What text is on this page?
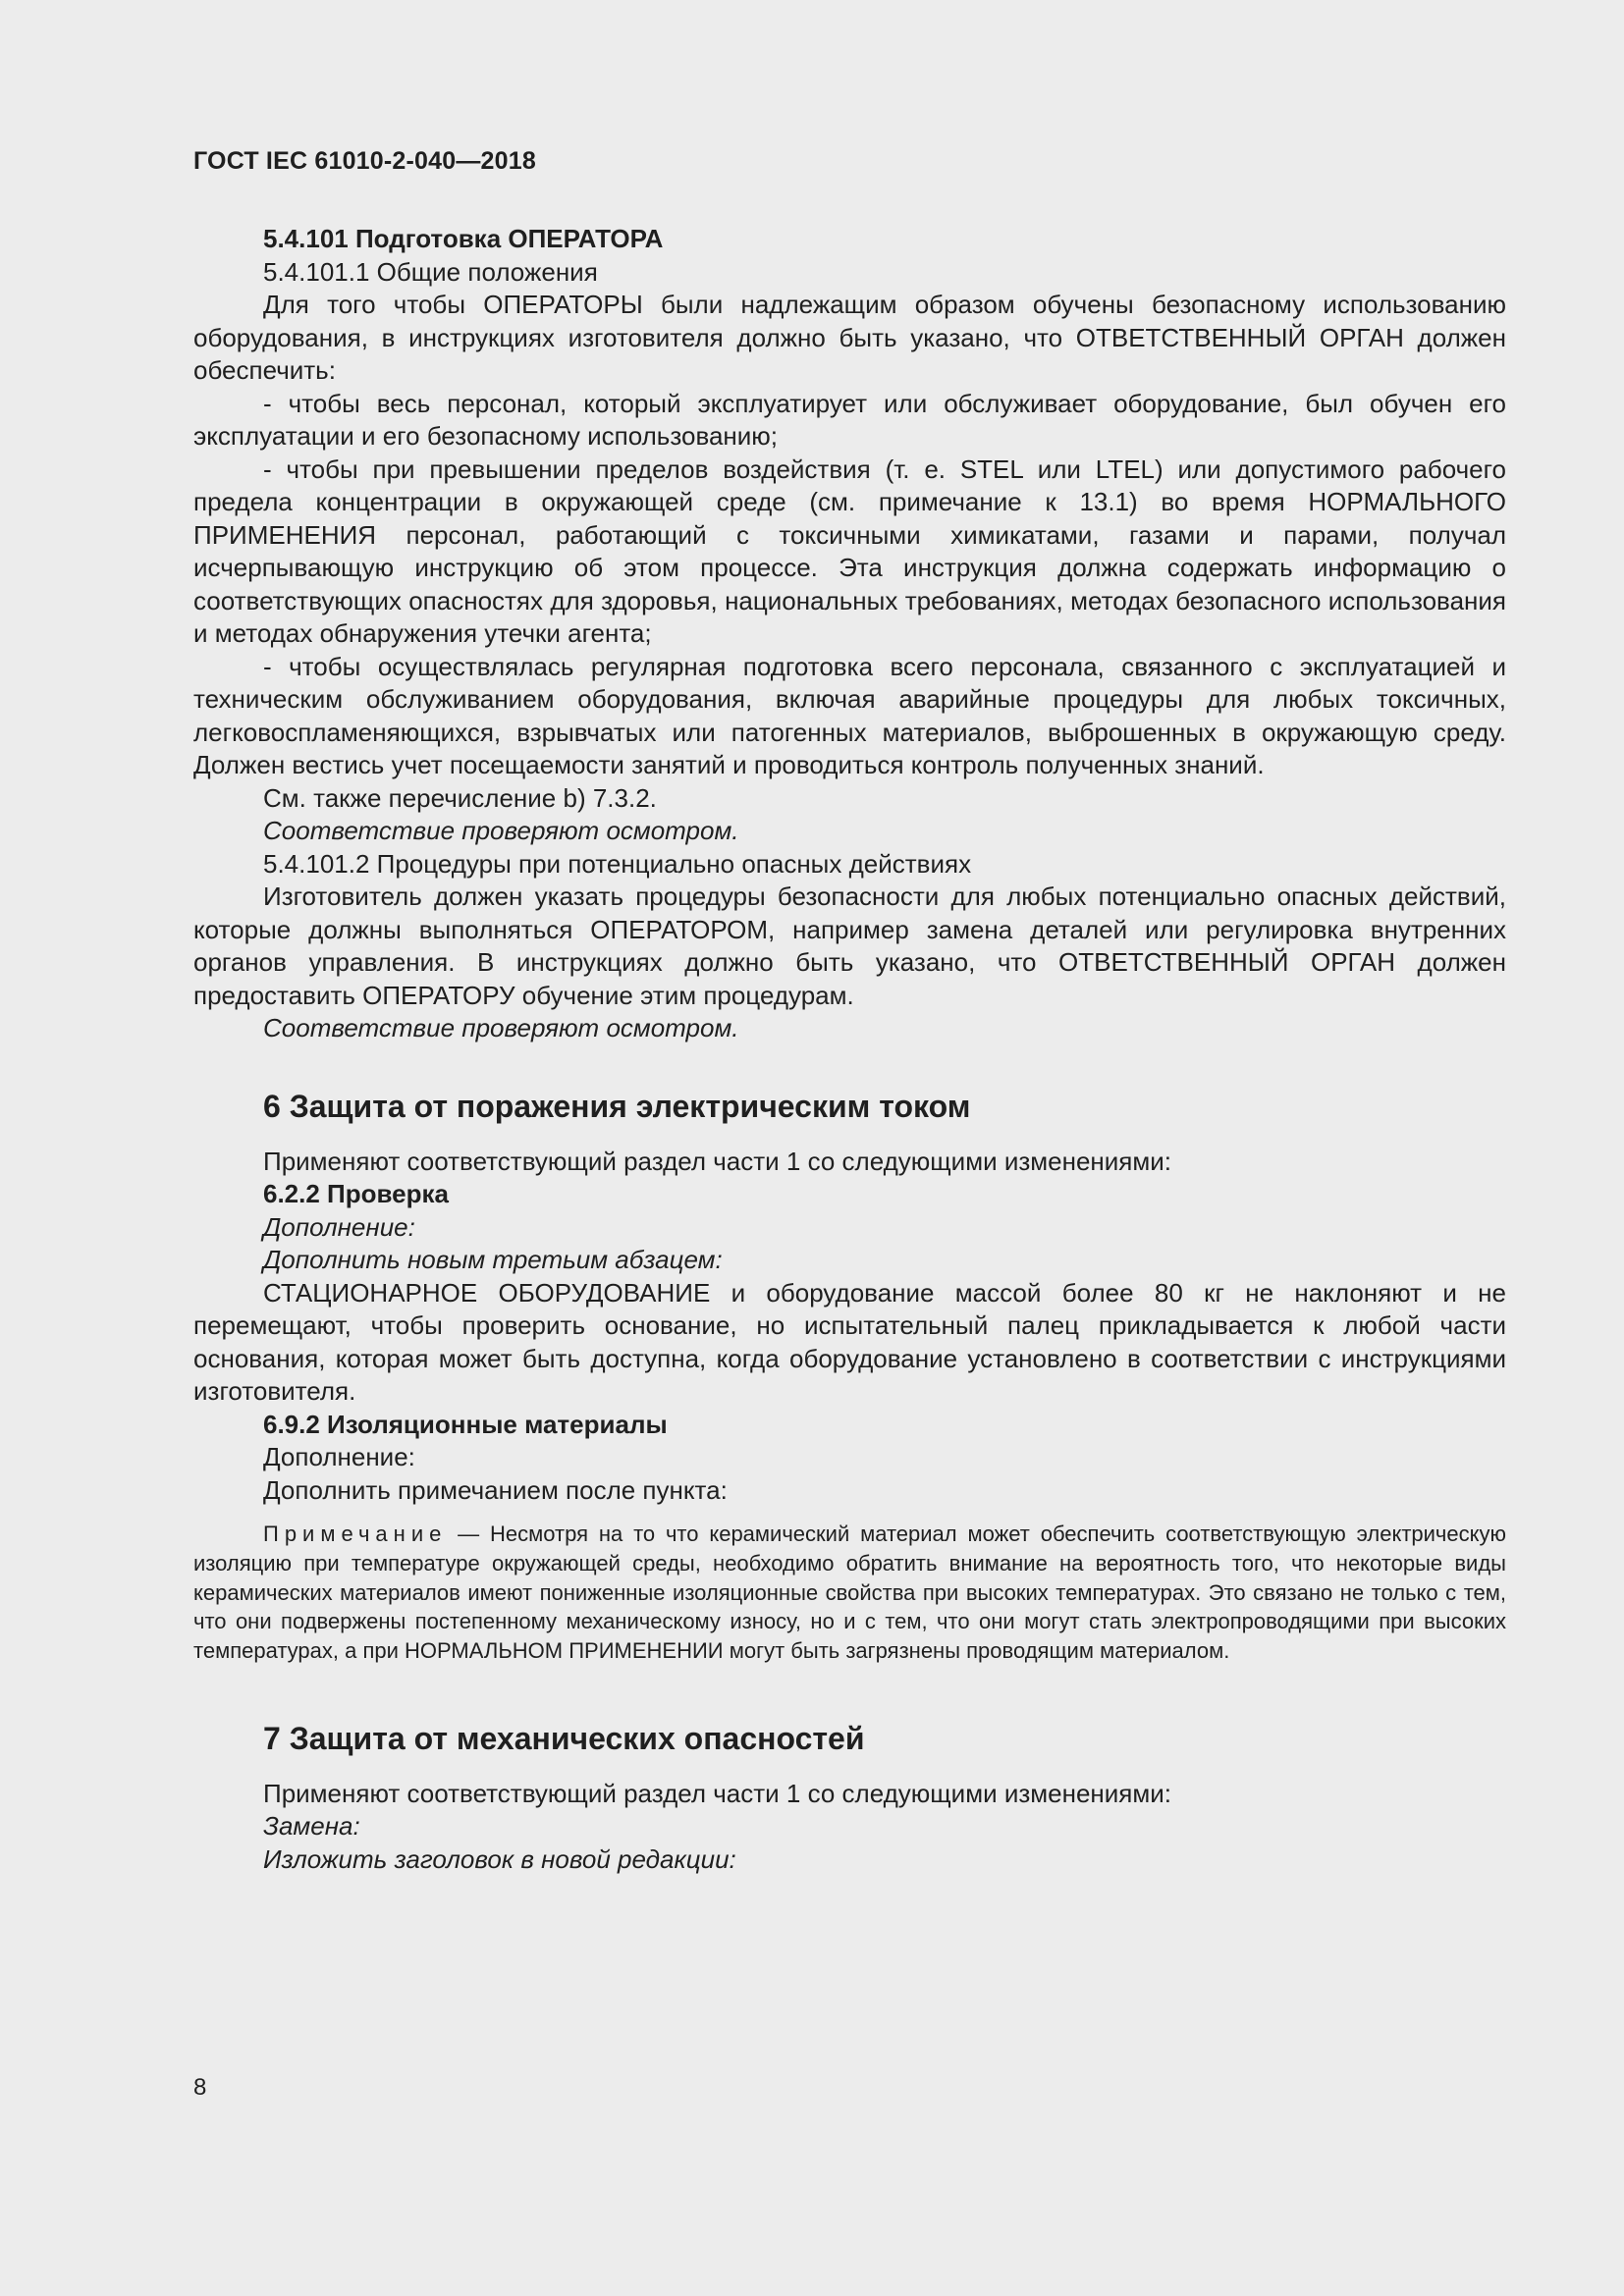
ГОСТ IEC 61010-2-040—2018

5.4.101 Подготовка ОПЕРАТОРА

5.4.101.1 Общие положения

Для того чтобы ОПЕРАТОРЫ были надлежащим образом обучены безопасному использованию оборудования, в инструкциях изготовителя должно быть указано, что ОТВЕТСТВЕННЫЙ ОРГАН должен обеспечить:

- чтобы весь персонал, который эксплуатирует или обслуживает оборудование, был обучен его эксплуатации и его безопасному использованию;

- чтобы при превышении пределов воздействия (т. е. STEL или LTEL) или допустимого рабочего предела концентрации в окружающей среде (см. примечание к 13.1) во время НОРМАЛЬНОГО ПРИМЕНЕНИЯ персонал, работающий с токсичными химикатами, газами и парами, получал исчерпывающую инструкцию об этом процессе. Эта инструкция должна содержать информацию о соответствующих опасностях для здоровья, национальных требованиях, методах безопасного использования и методах обнаружения утечки агента;

- чтобы осуществлялась регулярная подготовка всего персонала, связанного с эксплуатацией и техническим обслуживанием оборудования, включая аварийные процедуры для любых токсичных, легковоспламеняющихся, взрывчатых или патогенных материалов, выброшенных в окружающую среду. Должен вестись учет посещаемости занятий и проводиться контроль полученных знаний.

См. также перечисление b) 7.3.2.

Соответствие проверяют осмотром.

5.4.101.2 Процедуры при потенциально опасных действиях

Изготовитель должен указать процедуры безопасности для любых потенциально опасных действий, которые должны выполняться ОПЕРАТОРОМ, например замена деталей или регулировка внутренних органов управления. В инструкциях должно быть указано, что ОТВЕТСТВЕННЫЙ ОРГАН должен предоставить ОПЕРАТОРУ обучение этим процедурам.

Соответствие проверяют осмотром.

6 Защита от поражения электрическим током

Применяют соответствующий раздел части 1 со следующими изменениями:

6.2.2 Проверка

Дополнение:

Дополнить новым третьим абзацем:

СТАЦИОНАРНОЕ ОБОРУДОВАНИЕ и оборудование массой более 80 кг не наклоняют и не перемещают, чтобы проверить основание, но испытательный палец прикладывается к любой части основания, которая может быть доступна, когда оборудование установлено в соответствии с инструкциями изготовителя.

6.9.2 Изоляционные материалы

Дополнение:

Дополнить примечанием после пункта:

Примечание — Несмотря на то что керамический материал может обеспечить соответствующую электрическую изоляцию при температуре окружающей среды, необходимо обратить внимание на вероятность того, что некоторые виды керамических материалов имеют пониженные изоляционные свойства при высоких температурах. Это связано не только с тем, что они подвержены постепенному механическому износу, но и с тем, что они могут стать электропроводящими при высоких температурах, а при НОРМАЛЬНОМ ПРИМЕНЕНИИ могут быть загрязнены проводящим материалом.

7 Защита от механических опасностей

Применяют соответствующий раздел части 1 со следующими изменениями:

Замена:

Изложить заголовок в новой редакции:

8
